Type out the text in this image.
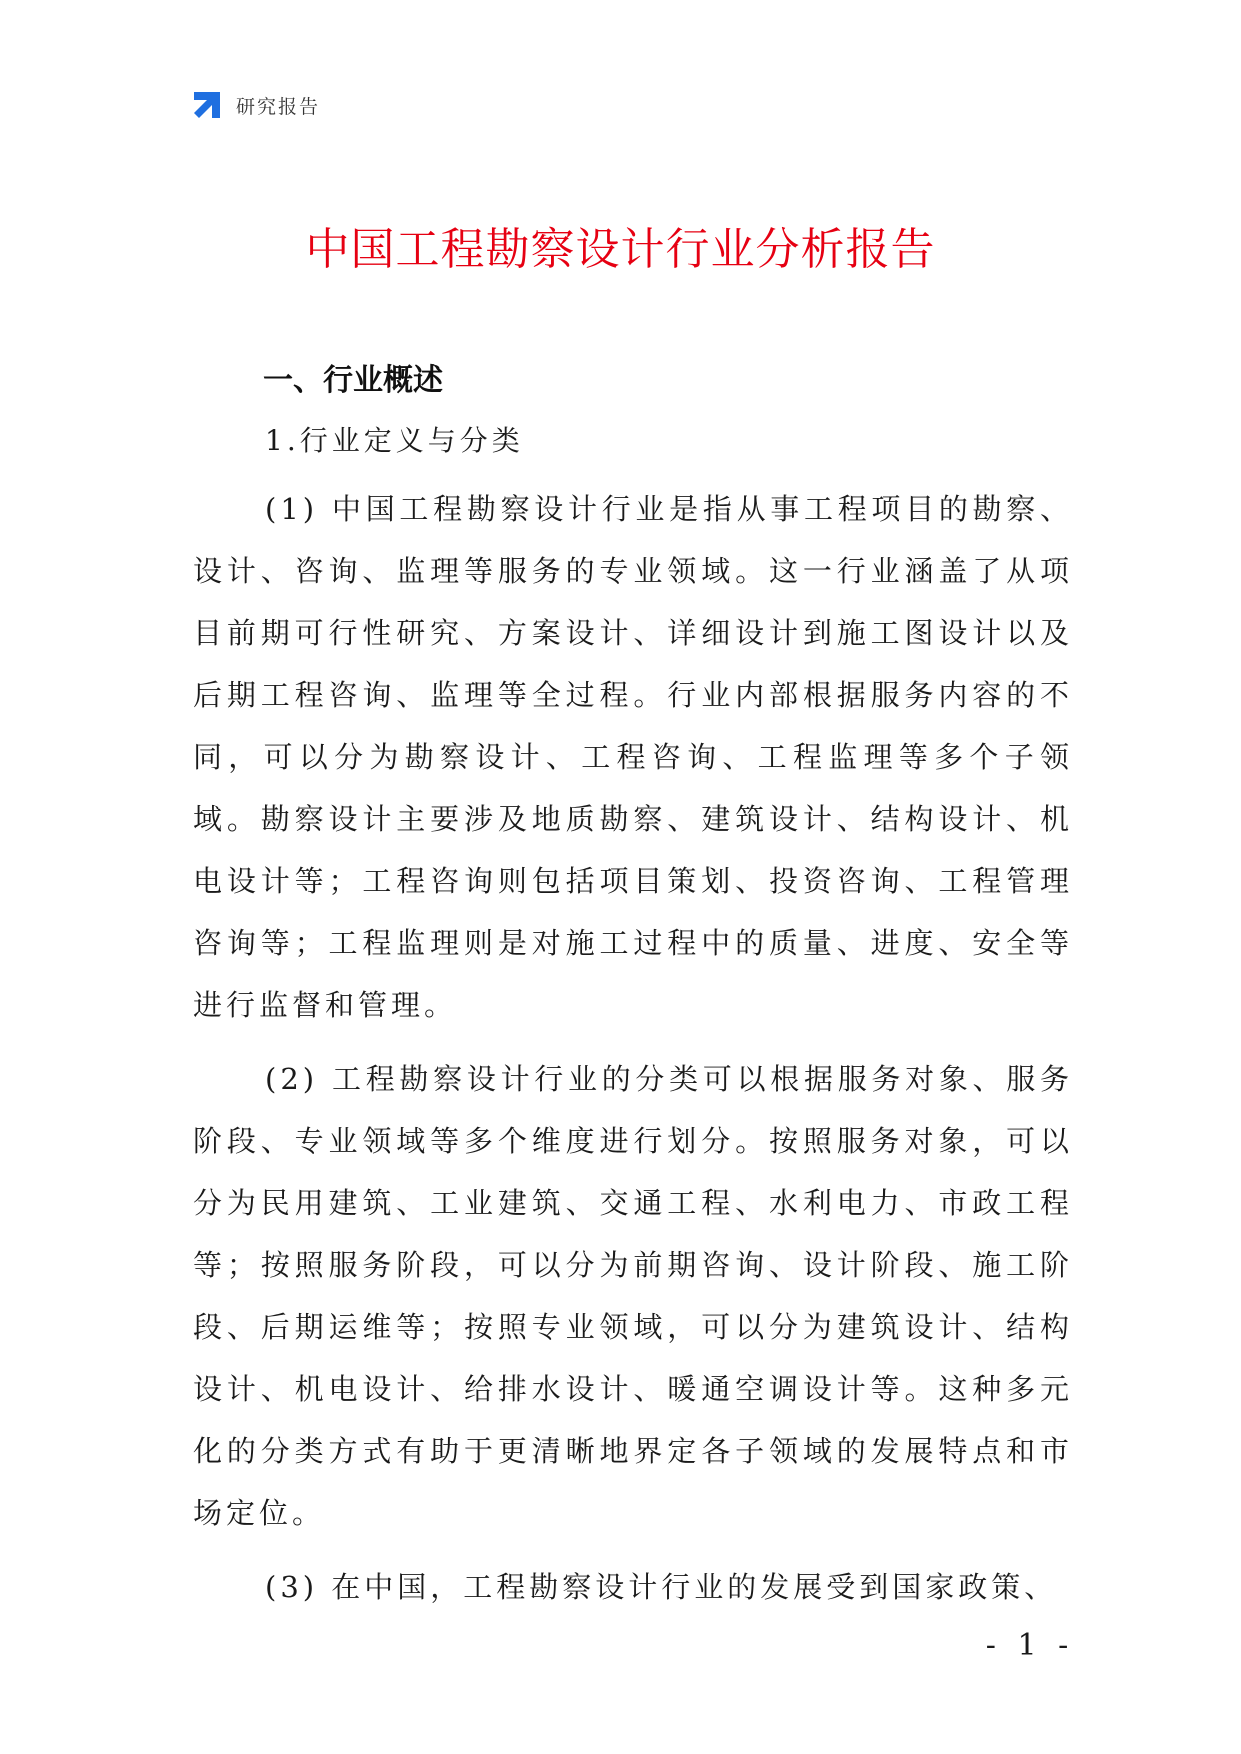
研究报告
中国工程勘察设计行业分析报告
一、行业概述
1.行业定义与分类

(1) 中国工程勘察设计行业是指从事工程项目的勘察、设计、咨询、监理等服务的专业领域。这一行业涵盖了从项目前期可行性研究、方案设计、详细设计到施工图设计以及后期工程咨询、监理等全过程。行业内部根据服务内容的不同，可以分为勘察设计、工程咨询、工程监理等多个子领域。勘察设计主要涉及地质勘察、建筑设计、结构设计、机电设计等；工程咨询则包括项目策划、投资咨询、工程管理咨询等；工程监理则是对施工过程中的质量、进度、安全等进行监督和管理。

(2) 工程勘察设计行业的分类可以根据服务对象、服务阶段、专业领域等多个维度进行划分。按照服务对象，可以分为民用建筑、工业建筑、交通工程、水利电力、市政工程等；按照服务阶段，可以分为前期咨询、设计阶段、施工阶段、后期运维等；按照专业领域，可以分为建筑设计、结构设计、机电设计、给排水设计、暖通空调设计等。这种多元化的分类方式有助于更清晰地界定各子领域的发展特点和市场定位。

(3) 在中国，工程勘察设计行业的发展受到国家政策、

- 1 -
